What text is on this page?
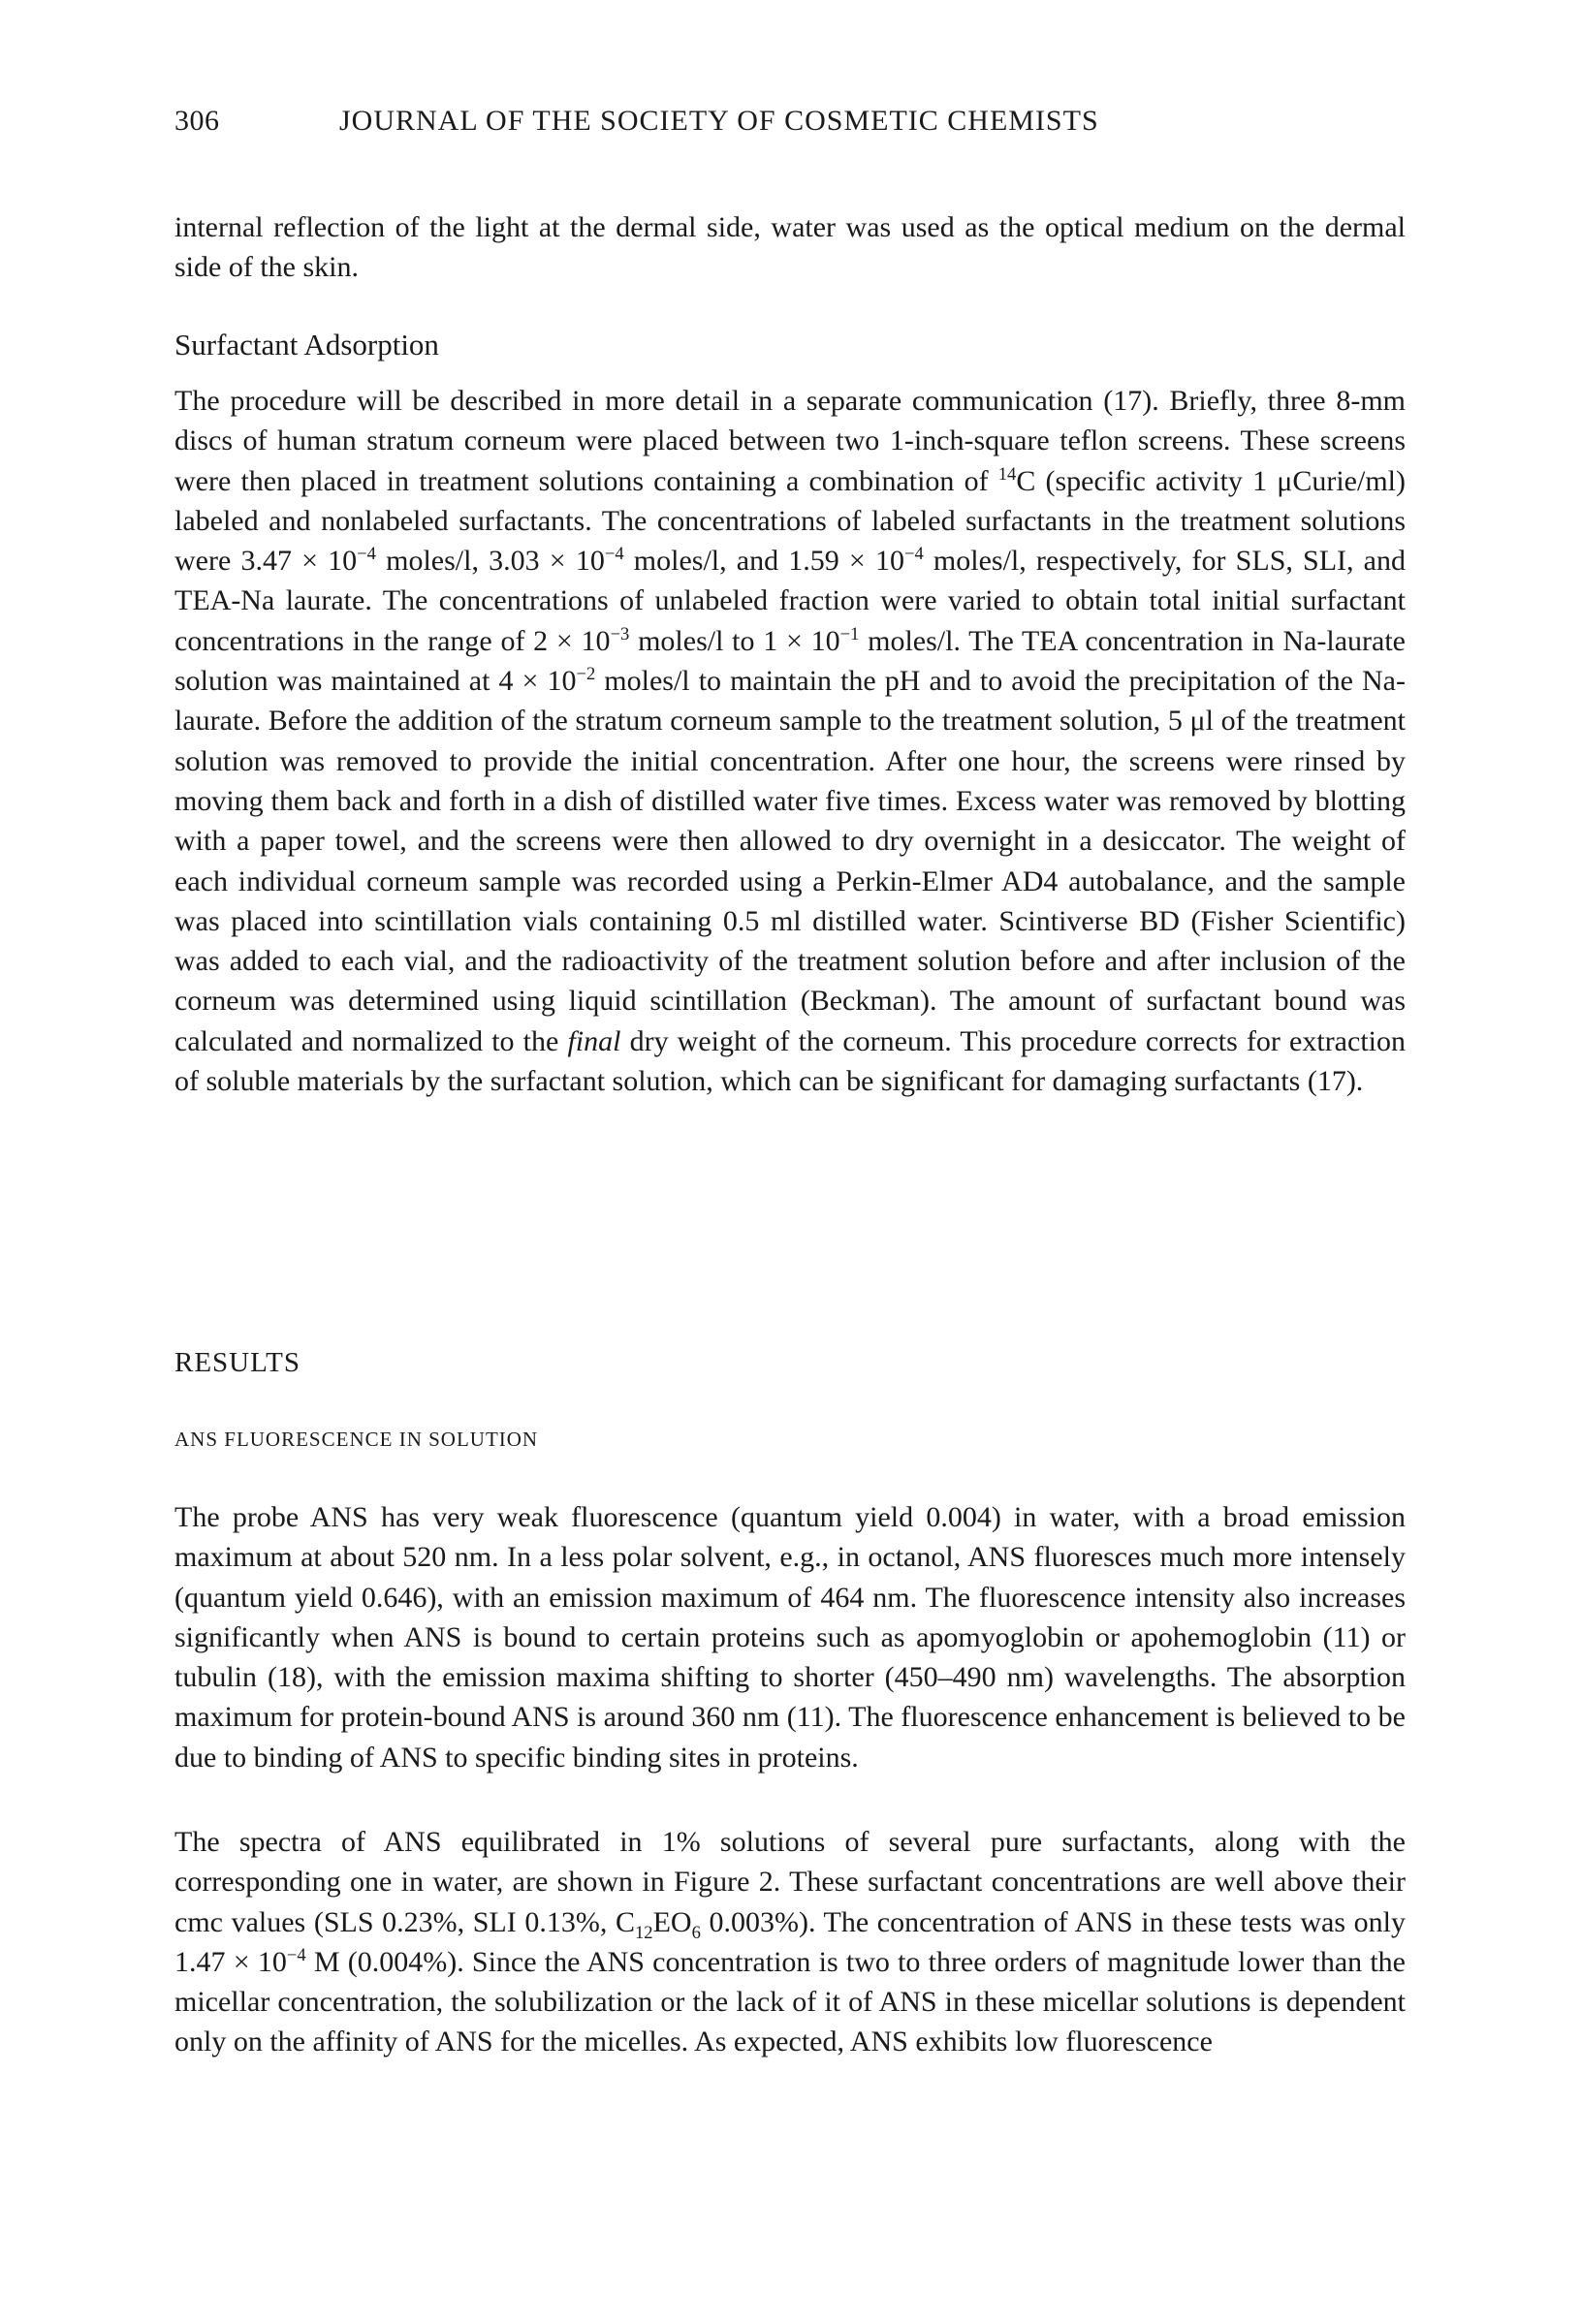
306	JOURNAL OF THE SOCIETY OF COSMETIC CHEMISTS

internal reflection of the light at the dermal side, water was used as the optical medium on the dermal side of the skin.

Surfactant Adsorption

The procedure will be described in more detail in a separate communication (17). Briefly, three 8-mm discs of human stratum corneum were placed between two 1-inch-square teflon screens. These screens were then placed in treatment solutions containing a combination of $^{14}$C (specific activity 1 μCurie/ml) labeled and nonlabeled surfactants. The concentrations of labeled surfactants in the treatment solutions were $3.47 \times 10^{-4}$ moles/l, $3.03 \times 10^{-4}$ moles/l, and $1.59 \times 10^{-4}$ moles/l, respectively, for SLS, SLI, and TEA-Na laurate. The concentrations of unlabeled fraction were varied to obtain total initial surfactant concentrations in the range of $2 \times 10^{-3}$ moles/l to $1 \times 10^{-1}$ moles/l. The TEA concentration in Na-laurate solution was maintained at $4 \times 10^{-2}$ moles/l to maintain the pH and to avoid the precipitation of the Na-laurate. Before the addition of the stratum corneum sample to the treatment solution, 5 μl of the treatment solution was removed to provide the initial concentration. After one hour, the screens were rinsed by moving them back and forth in a dish of distilled water five times. Excess water was removed by blotting with a paper towel, and the screens were then allowed to dry overnight in a desiccator. The weight of each individual corneum sample was recorded using a Perkin-Elmer AD4 autobalance, and the sample was placed into scintillation vials containing 0.5 ml distilled water. Scintiverse BD (Fisher Scientific) was added to each vial, and the radioactivity of the treatment solution before and after inclusion of the corneum was determined using liquid scintillation (Beckman). The amount of surfactant bound was calculated and normalized to the final dry weight of the corneum. This procedure corrects for extraction of soluble materials by the surfactant solution, which can be significant for damaging surfactants (17).

RESULTS
ANS FLUORESCENCE IN SOLUTION

The probe ANS has very weak fluorescence (quantum yield 0.004) in water, with a broad emission maximum at about 520 nm. In a less polar solvent, e.g., in octanol, ANS fluoresces much more intensely (quantum yield 0.646), with an emission maximum of 464 nm. The fluorescence intensity also increases significantly when ANS is bound to certain proteins such as apomyoglobin or apohemoglobin (11) or tubulin (18), with the emission maxima shifting to shorter (450–490 nm) wavelengths. The absorption maximum for protein-bound ANS is around 360 nm (11). The fluorescence enhancement is believed to be due to binding of ANS to specific binding sites in proteins.

The spectra of ANS equilibrated in 1% solutions of several pure surfactants, along with the corresponding one in water, are shown in Figure 2. These surfactant concentrations are well above their cmc values (SLS 0.23%, SLI 0.13%, $C_{12}EO_6$ 0.003%). The concentration of ANS in these tests was only $1.47 \times 10^{-4}$ M (0.004%). Since the ANS concentration is two to three orders of magnitude lower than the micellar concentration, the solubilization or the lack of it of ANS in these micellar solutions is dependent only on the affinity of ANS for the micelles. As expected, ANS exhibits low fluorescence
